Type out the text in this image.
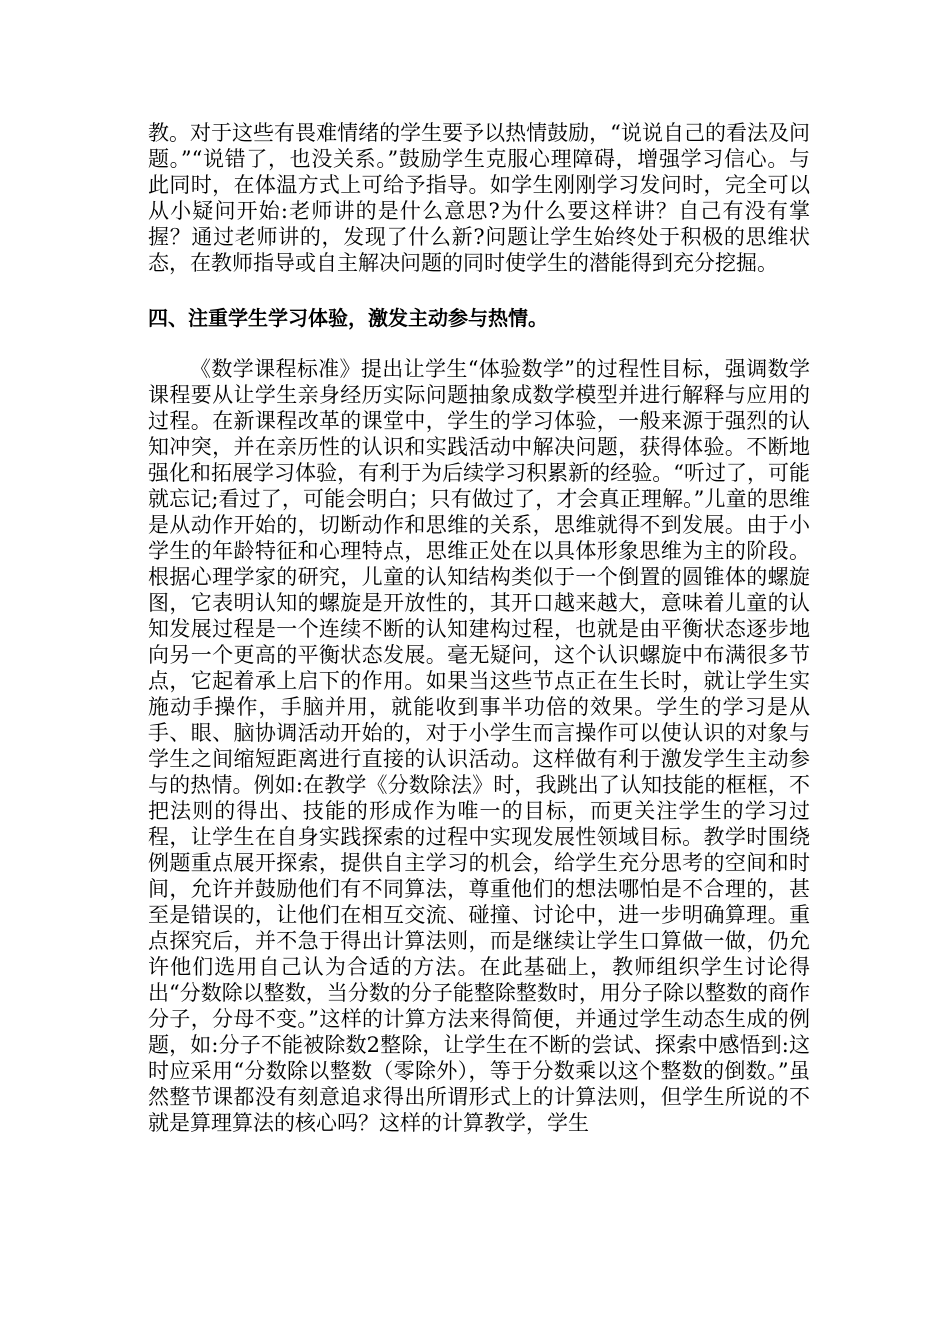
教。对于这些有畏难情绪的学生要予以热情鼓励，“说说自己的看法及问题。”“说错了，也没关系。”鼓励学生克服心理障碍，增强学习信心。与此同时，在体温方式上可给予指导。如学生刚刚学习发问时，完全可以从小疑问开始:老师讲的是什么意思?为什么要这样讲？自己有没有掌握？通过老师讲的，发现了什么新?问题让学生始终处于积极的思维状态，在教师指导或自主解决问题的同时使学生的潜能得到充分挖掘。

四、注重学生学习体验，激发主动参与热情。

《数学课程标准》提出让学生“体验数学”的过程性目标，强调数学课程要从让学生亲身经历实际问题抽象成数学模型并进行解释与应用的过程。在新课程改革的课堂中，学生的学习体验，一般来源于强烈的认知冲突，并在亲历性的认识和实践活动中解决问题，获得体验。不断地强化和拓展学习体验，有利于为后续学习积累新的经验。“听过了，可能就忘记;看过了，可能会明白；只有做过了，才会真正理解。”儿童的思维是从动作开始的，切断动作和思维的关系，思维就得不到发展。由于小学生的年龄特征和心理特点，思维正处在以具体形象思维为主的阶段。根据心理学家的研究，儿童的认知结构类似于一个倒置的圆锥体的螺旋图，它表明认知的螺旋是开放性的，其开口越来越大，意味着儿童的认知发展过程是一个连续不断的认知建构过程，也就是由平衡状态逐步地向另一个更高的平衡状态发展。毫无疑问，这个认识螺旋中布满很多节点，它起着承上启下的作用。如果当这些节点正在生长时，就让学生实施动手操作，手脑并用，就能收到事半功倍的效果。学生的学习是从手、眼、脑协调活动开始的，对于小学生而言操作可以使认识的对象与学生之间缩短距离进行直接的认识活动。这样做有利于激发学生主动参与的热情。例如:在教学《分数除法》时，我跳出了认知技能的框框，不把法则的得出、技能的形成作为唯一的目标，而更关注学生的学习过程，让学生在自身实践探索的过程中实现发展性领域目标。教学时围绕例题重点展开探索，提供自主学习的机会，给学生充分思考的空间和时间，允许并鼓励他们有不同算法，尊重他们的想法哪怕是不合理的，甚至是错误的，让他们在相互交流、碰撞、讨论中，进一步明确算理。重点探究后，并不急于得出计算法则，而是继续让学生口算做一做，仍允许他们选用自己认为合适的方法。在此基础上，教师组织学生讨论得出“分数除以整数，当分数的分子能整除整数时，用分子除以整数的商作分子，分母不变。”这样的计算方法来得简便，并通过学生动态生成的例题，如:分子不能被除数2整除，让学生在不断的尝试、探索中感悟到:这时应采用“分数除以整数（零除外），等于分数乘以这个整数的倒数。”虽然整节课都没有刻意追求得出所谓形式上的计算法则，但学生所说的不就是算理算法的核心吗？这样的计算教学，学生
